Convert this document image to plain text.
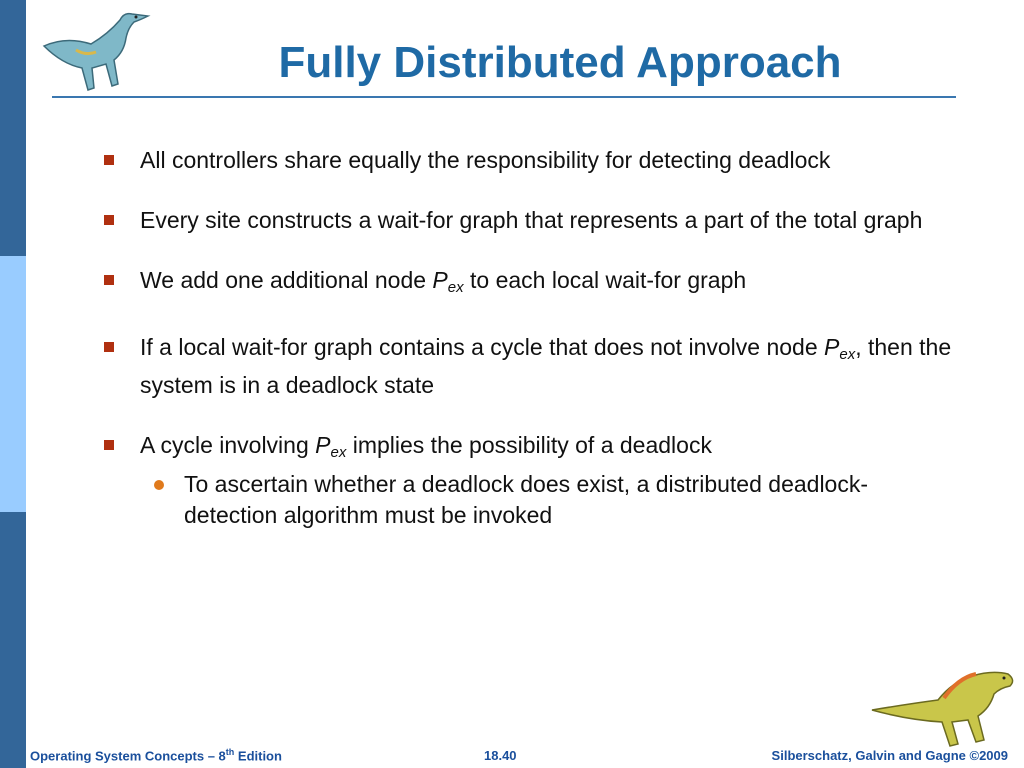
Fully Distributed Approach
All controllers share equally the responsibility for detecting deadlock
Every site constructs a wait-for graph that represents a part of the total graph
We add one additional node Pex to each local wait-for graph
If a local wait-for graph contains a cycle that does not involve node Pex, then the system is in a deadlock state
A cycle involving Pex implies the possibility of a deadlock
To ascertain whether a deadlock does exist, a distributed deadlock-detection algorithm must be invoked
Operating System Concepts – 8th Edition	18.40	Silberschatz, Galvin and Gagne ©2009
